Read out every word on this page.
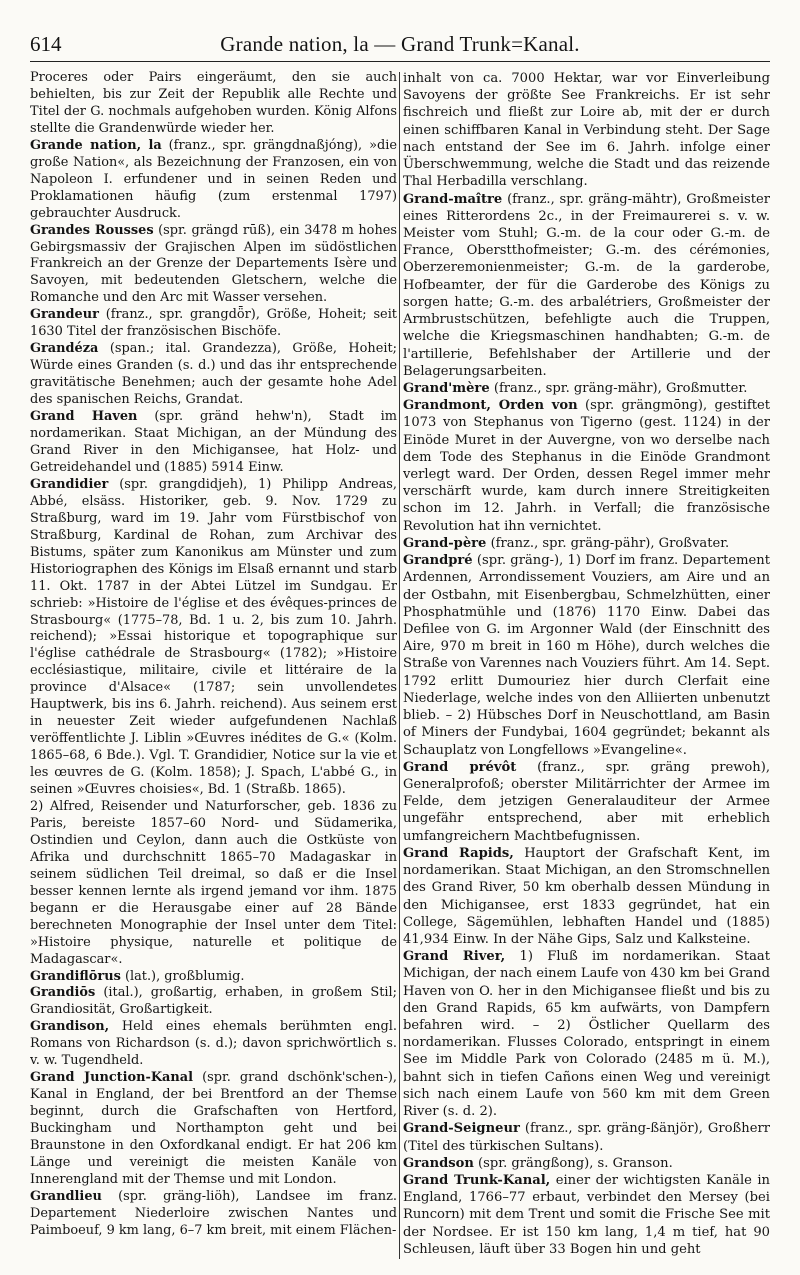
614	Grande nation, la — Grand Trunk=Kanal.

Proceres oder Pairs eingeräumt, den sie auch behielten, bis zur Zeit der Republik alle Rechte und Titel der G. nochmals aufgehoben wurden. König Alfons stellte die Grandenwürde wieder her.

Grande nation, la (franz., spr. grängdnaßjóng), »die große Nation«, als Bezeichnung der Franzosen, ein von Napoleon I. erfundener und in seinen Reden und Proklamationen häufig (zum erstenmal 1797) gebrauchter Ausdruck.

Grandes Rousses (spr. grängd rūß), ein 3478 m hohes Gebirgsmassiv der Grajischen Alpen im südöstlichen Frankreich an der Grenze der Departements Isère und Savoyen, mit bedeutenden Gletschern, welche die Romanche und den Arc mit Wasser versehen.

Grandeur (franz., spr. grangdȫr), Größe, Hoheit; seit 1630 Titel der französischen Bischöfe.

Grandéza (span.; ital. Grandezza), Größe, Hoheit; Würde eines Granden (s. d.) und das ihr entsprechende gravitätische Benehmen; auch der gesamte hohe Adel des spanischen Reichs, Grandat.

Grand Haven (spr. gränd hehw'n), Stadt im nordamerikan. Staat Michigan, an der Mündung des Grand River in den Michigansee, hat Holz- und Getreidehandel und (1885) 5914 Einw.

Grandidier (spr. grangdidjeh), 1) Philipp Andreas, Abbé, elsäss. Historiker, geb. 9. Nov. 1729 zu Straßburg, ward im 19. Jahr vom Fürstbischof von Straßburg, Kardinal de Rohan, zum Archivar des Bistums, später zum Kanonikus am Münster und zum Historiographen des Königs im Elsaß ernannt und starb 11. Okt. 1787 in der Abtei Lützel im Sundgau. Er schrieb: »Histoire de l'église et des évêques-princes de Strasbourg« (1775–78, Bd. 1 u. 2, bis zum 10. Jahrh. reichend); »Essai historique et topographique sur l'église cathédrale de Strasbourg« (1782); »Histoire ecclésiastique, militaire, civile et littéraire de la province d'Alsace« (1787; sein unvollendetes Hauptwerk, bis ins 6. Jahrh. reichend). Aus seinem erst in neuester Zeit wieder aufgefundenen Nachlaß veröffentlichte J. Liblin »Œuvres inédites de G.« (Kolm. 1865–68, 6 Bde.). Vgl. T. Grandidier, Notice sur la vie et les œuvres de G. (Kolm. 1858); J. Spach, L'abbé G., in seinen »Œuvres choisies«, Bd. 1 (Straßb. 1865).

2) Alfred, Reisender und Naturforscher, geb. 1836 zu Paris, bereiste 1857–60 Nord- und Südamerika, Ostindien und Ceylon, dann auch die Ostküste von Afrika und durchschnitt 1865–70 Madagaskar in seinem südlichen Teil dreimal, so daß er die Insel besser kennen lernte als irgend jemand vor ihm. 1875 begann er die Herausgabe einer auf 28 Bände berechneten Monographie der Insel unter dem Titel: »Histoire physique, naturelle et politique de Madagascar«.

Grandiflōrus (lat.), großblumig.

Grandiōs (ital.), großartig, erhaben, in großem Stil; Grandiosität, Großartigkeit.

Grandison, Held eines ehemals berühmten engl. Romans von Richardson (s. d.); davon sprichwörtlich s. v. w. Tugendheld.

Grand Junction-Kanal (spr. grand dschönk'schen-), Kanal in England, der bei Brentford an der Themse beginnt, durch die Grafschaften von Hertford, Buckingham und Northampton geht und bei Braunstone in den Oxfordkanal endigt. Er hat 206 km Länge und vereinigt die meisten Kanäle von Innerengland mit der Themse und mit London.

Grandlieu (spr. gräng-liöh), Landsee im franz. Departement Niederloire zwischen Nantes und Paimboeuf, 9 km lang, 6–7 km breit, mit einem Flächen-

inhalt von ca. 7000 Hektar, war vor Einverleibung Savoyens der größte See Frankreichs. Er ist sehr fischreich und fließt zur Loire ab, mit der er durch einen schiffbaren Kanal in Verbindung steht. Der Sage nach entstand der See im 6. Jahrh. infolge einer Überschwemmung, welche die Stadt und das reizende Thal Herbadilla verschlang.

Grand-maître (franz., spr. gräng-mähtr), Großmeister eines Ritterordens 2c., in der Freimaurerei s. v. w. Meister vom Stuhl; G.-m. de la cour oder G.-m. de France, Oberstthofmeister; G.-m. des cérémonies, Oberzeremonienmeister; G.-m. de la garderobe, Hofbeamter, der für die Garderobe des Königs zu sorgen hatte; G.-m. des arbalétriers, Großmeister der Armbrustschützen, befehligte auch die Truppen, welche die Kriegsmaschinen handhabten; G.-m. de l'artillerie, Befehlshaber der Artillerie und der Belagerungsarbeiten.

Grand'mère (franz., spr. gräng-mähr), Großmutter.

Grandmont, Orden von (spr. grängmōng), gestiftet 1073 von Stephanus von Tigerno (gest. 1124) in der Einöde Muret in der Auvergne, von wo derselbe nach dem Tode des Stephanus in die Einöde Grandmont verlegt ward. Der Orden, dessen Regel immer mehr verschärft wurde, kam durch innere Streitigkeiten schon im 12. Jahrh. in Verfall; die französische Revolution hat ihn vernichtet.

Grand-père (franz., spr. gräng-pähr), Großvater.

Grandpré (spr. gräng-), 1) Dorf im franz. Departement Ardennen, Arrondissement Vouziers, am Aire und an der Ostbahn, mit Eisenbergbau, Schmelzhütten, einer Phosphatmühle und (1876) 1170 Einw. Dabei das Defilee von G. im Argonner Wald (der Einschnitt des Aire, 970 m breit in 160 m Höhe), durch welches die Straße von Varennes nach Vouziers führt. Am 14. Sept. 1792 erlitt Dumouriez hier durch Clerfait eine Niederlage, welche indes von den Alliierten unbenutzt blieb. – 2) Hübsches Dorf in Neuschottland, am Basin of Miners der Fundybai, 1604 gegründet; bekannt als Schauplatz von Longfellows »Evangeline«.

Grand prévôt (franz., spr. gräng prewoh), Generalprofoß; oberster Militärrichter der Armee im Felde, dem jetzigen Generalauditeur der Armee ungefähr entsprechend, aber mit erheblich umfangreichern Machtbefugnissen.

Grand Rapids, Hauptort der Grafschaft Kent, im nordamerikan. Staat Michigan, an den Stromschnellen des Grand River, 50 km oberhalb dessen Mündung in den Michigansee, erst 1833 gegründet, hat ein College, Sägemühlen, lebhaften Handel und (1885) 41,934 Einw. In der Nähe Gips, Salz und Kalksteine.

Grand River, 1) Fluß im nordamerikan. Staat Michigan, der nach einem Laufe von 430 km bei Grand Haven von O. her in den Michigansee fließt und bis zu den Grand Rapids, 65 km aufwärts, von Dampfern befahren wird. – 2) Östlicher Quellarm des nordamerikan. Flusses Colorado, entspringt in einem See im Middle Park von Colorado (2485 m ü. M.), bahnt sich in tiefen Cañons einen Weg und vereinigt sich nach einem Laufe von 560 km mit dem Green River (s. d. 2).

Grand-Seigneur (franz., spr. gräng-ßänjör), Großherr (Titel des türkischen Sultans).

Grandson (spr. grängßong), s. Granson.

Grand Trunk-Kanal, einer der wichtigsten Kanäle in England, 1766–77 erbaut, verbindet den Mersey (bei Runcorn) mit dem Trent und somit die Frische See mit der Nordsee. Er ist 150 km lang, 1,4 m tief, hat 90 Schleusen, läuft über 33 Bogen hin und geht
